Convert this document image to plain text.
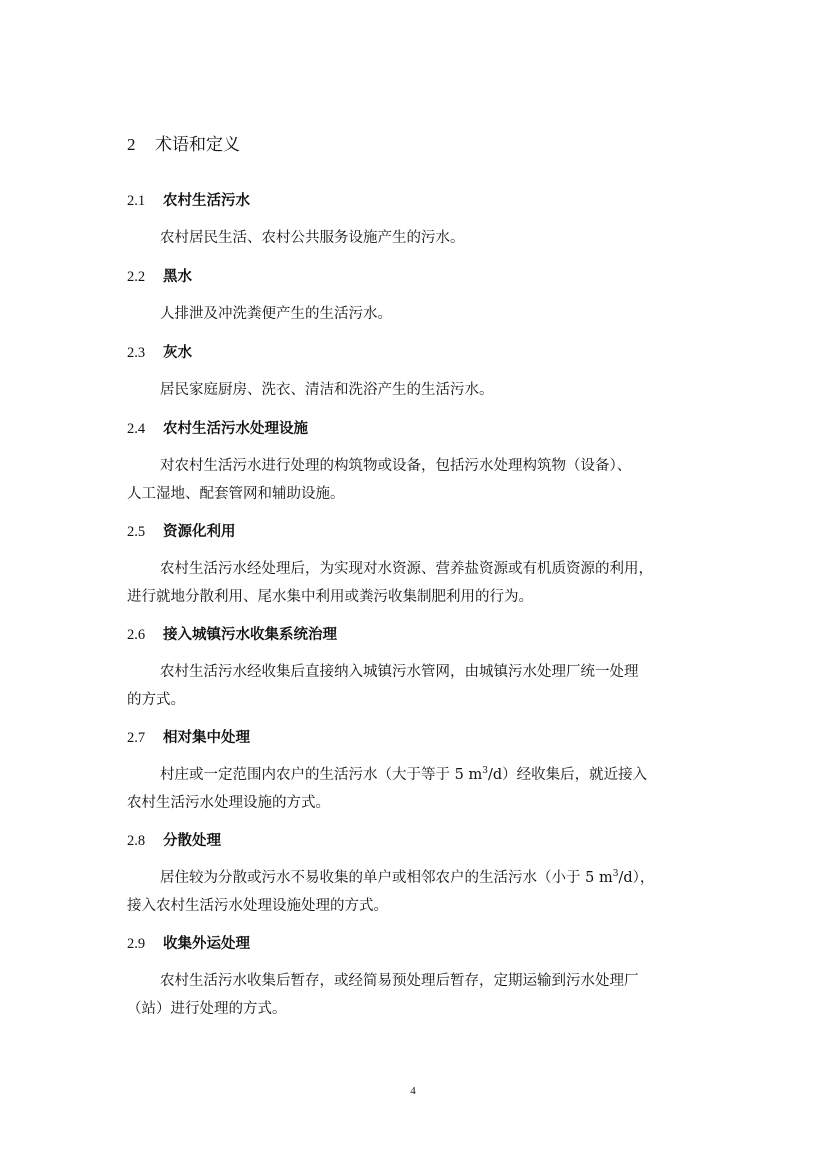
2 术语和定义
2.1 农村生活污水
农村居民生活、农村公共服务设施产生的污水。
2.2 黑水
人排泄及冲洗粪便产生的生活污水。
2.3 灰水
居民家庭厨房、洗衣、清洁和洗浴产生的生活污水。
2.4 农村生活污水处理设施
对农村生活污水进行处理的构筑物或设备，包括污水处理构筑物（设备）、
人工湿地、配套管网和辅助设施。
2.5 资源化利用
农村生活污水经处理后，为实现对水资源、营养盐资源或有机质资源的利用，
进行就地分散利用、尾水集中利用或粪污收集制肥利用的行为。
2.6 接入城镇污水收集系统治理
农村生活污水经收集后直接纳入城镇污水管网，由城镇污水处理厂统一处理
的方式。
2.7 相对集中处理
村庄或一定范围内农户的生活污水（大于等于 5 $m^3/d$）经收集后，就近接入
农村生活污水处理设施的方式。
2.8 分散处理
居住较为分散或污水不易收集的单户或相邻农户的生活污水（小于 5 $m^3/d$），
接入农村生活污水处理设施处理的方式。
2.9 收集外运处理
农村生活污水收集后暂存，或经简易预处理后暂存，定期运输到污水处理厂
（站）进行处理的方式。
4
